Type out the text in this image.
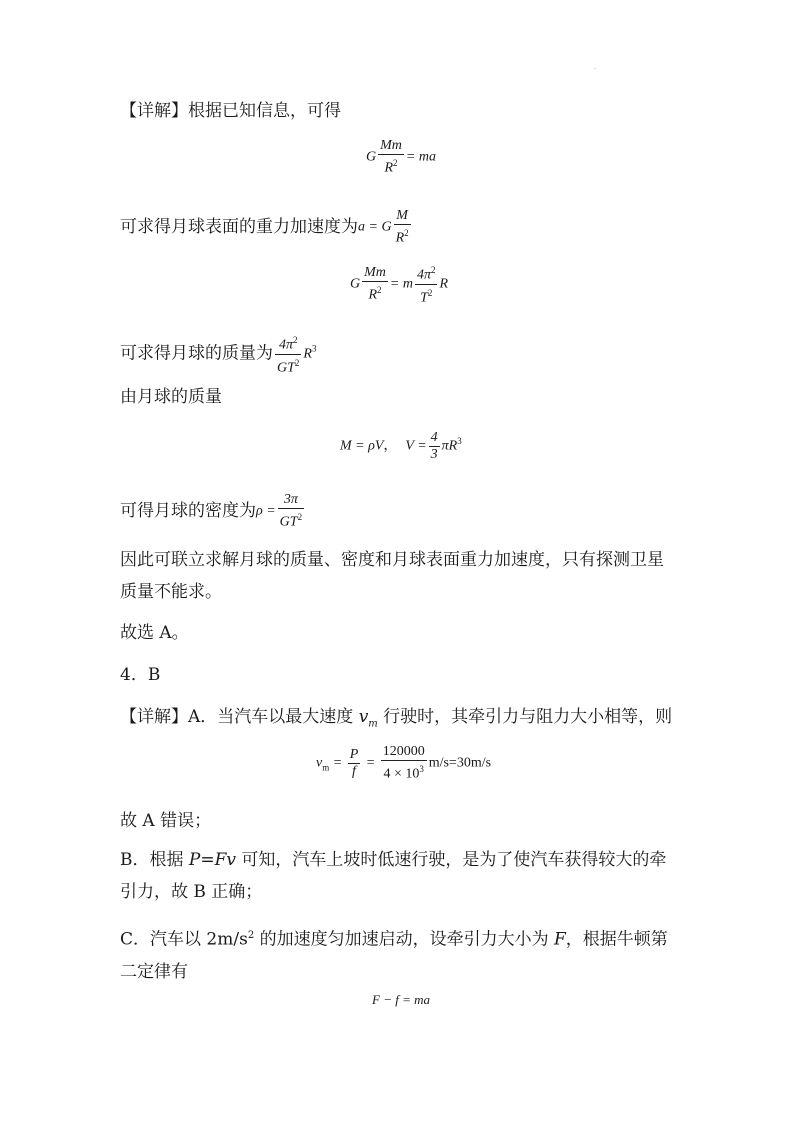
·
【详解】根据已知信息，可得
G $\frac{Mm}{R^2}$ = ma
可求得月球表面的重力加速度为a = G $\frac{M}{R^2}$
G $\frac{Mm}{R^2} = m \frac{4\pi^2}{T^2}$ R
可求得月球的质量为 $\frac{4\pi^2}{GT^2} R^3$
由月球的质量
M = ρV， $V = \frac{4}{3} \pi R^3$
可得月球的密度为$\rho = \frac{3\pi}{GT^2}$
因此可联立求解月球的质量、密度和月球表面重力加速度，只有探测卫星质量不能求。
故选 A。
4．B
【详解】A．当汽车以最大速度 $v_m$ 行驶时，其牵引力与阻力大小相等，则
$v_m = \frac{P}{f} = \frac{120000}{4 \times 10^3} m/s=30m/s$
故 A 错误；
B．根据 P=Fv 可知，汽车上坡时低速行驶，是为了使汽车获得较大的牵引力，故 B 正确；
C．汽车以 $2m/s^2$ 的加速度匀加速启动，设牵引力大小为 F，根据牛顿第二定律有
F − f = ma
